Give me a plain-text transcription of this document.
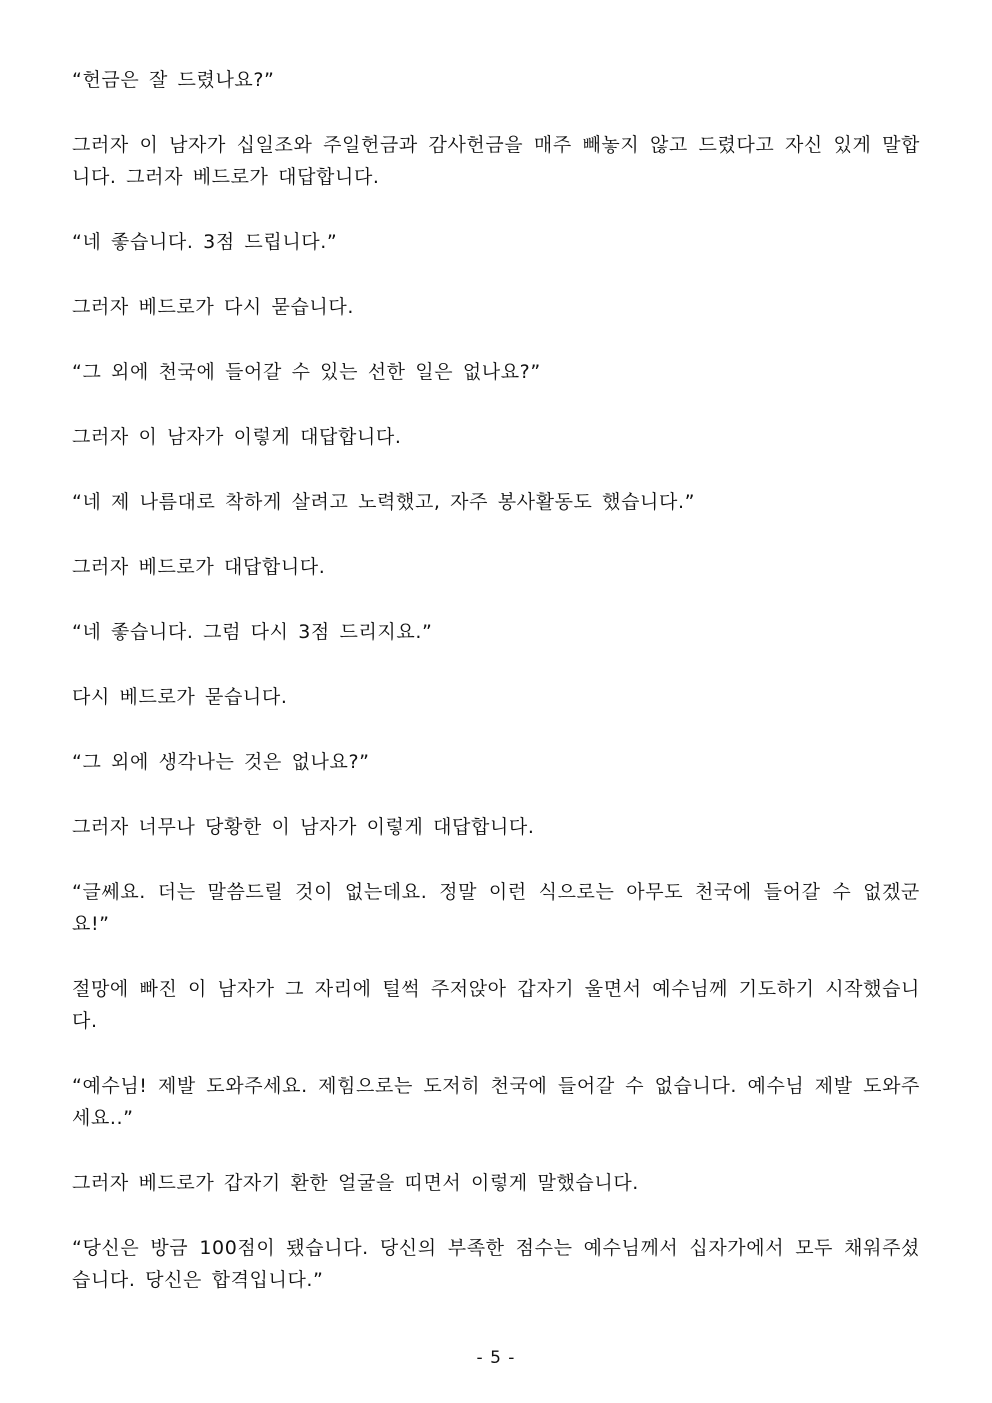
“헌금은 잘 드렸나요?”

그러자 이 남자가 십일조와 주일헌금과 감사헌금을 매주 빼놓지 않고 드렸다고 자신 있게 말합니다. 그러자 베드로가 대답합니다.

“네 좋습니다. 3점 드립니다.”

그러자 베드로가 다시 묻습니다.

“그 외에 천국에 들어갈 수 있는 선한 일은 없나요?”

그러자 이 남자가 이렇게 대답합니다.

“네 제 나름대로 착하게 살려고 노력했고, 자주 봉사활동도 했습니다.”

그러자 베드로가 대답합니다.

“네 좋습니다. 그럼 다시 3점 드리지요.”

다시 베드로가 묻습니다.

“그 외에 생각나는 것은 없나요?”

그러자 너무나 당황한 이 남자가 이렇게 대답합니다.

“글쎄요. 더는 말씀드릴 것이 없는데요. 정말 이런 식으로는 아무도 천국에 들어갈 수 없겠군요!”

절망에 빠진 이 남자가 그 자리에 털썩 주저앉아 갑자기 울면서 예수님께 기도하기 시작했습니다.

“예수님! 제발 도와주세요. 제힘으로는 도저히 천국에 들어갈 수 없습니다. 예수님 제발 도와주세요..”

그러자 베드로가 갑자기 환한 얼굴을 띠면서 이렇게 말했습니다.

“당신은 방금 100점이 됐습니다. 당신의 부족한 점수는 예수님께서 십자가에서 모두 채워주셨습니다. 당신은 합격입니다.”

- 5 -
